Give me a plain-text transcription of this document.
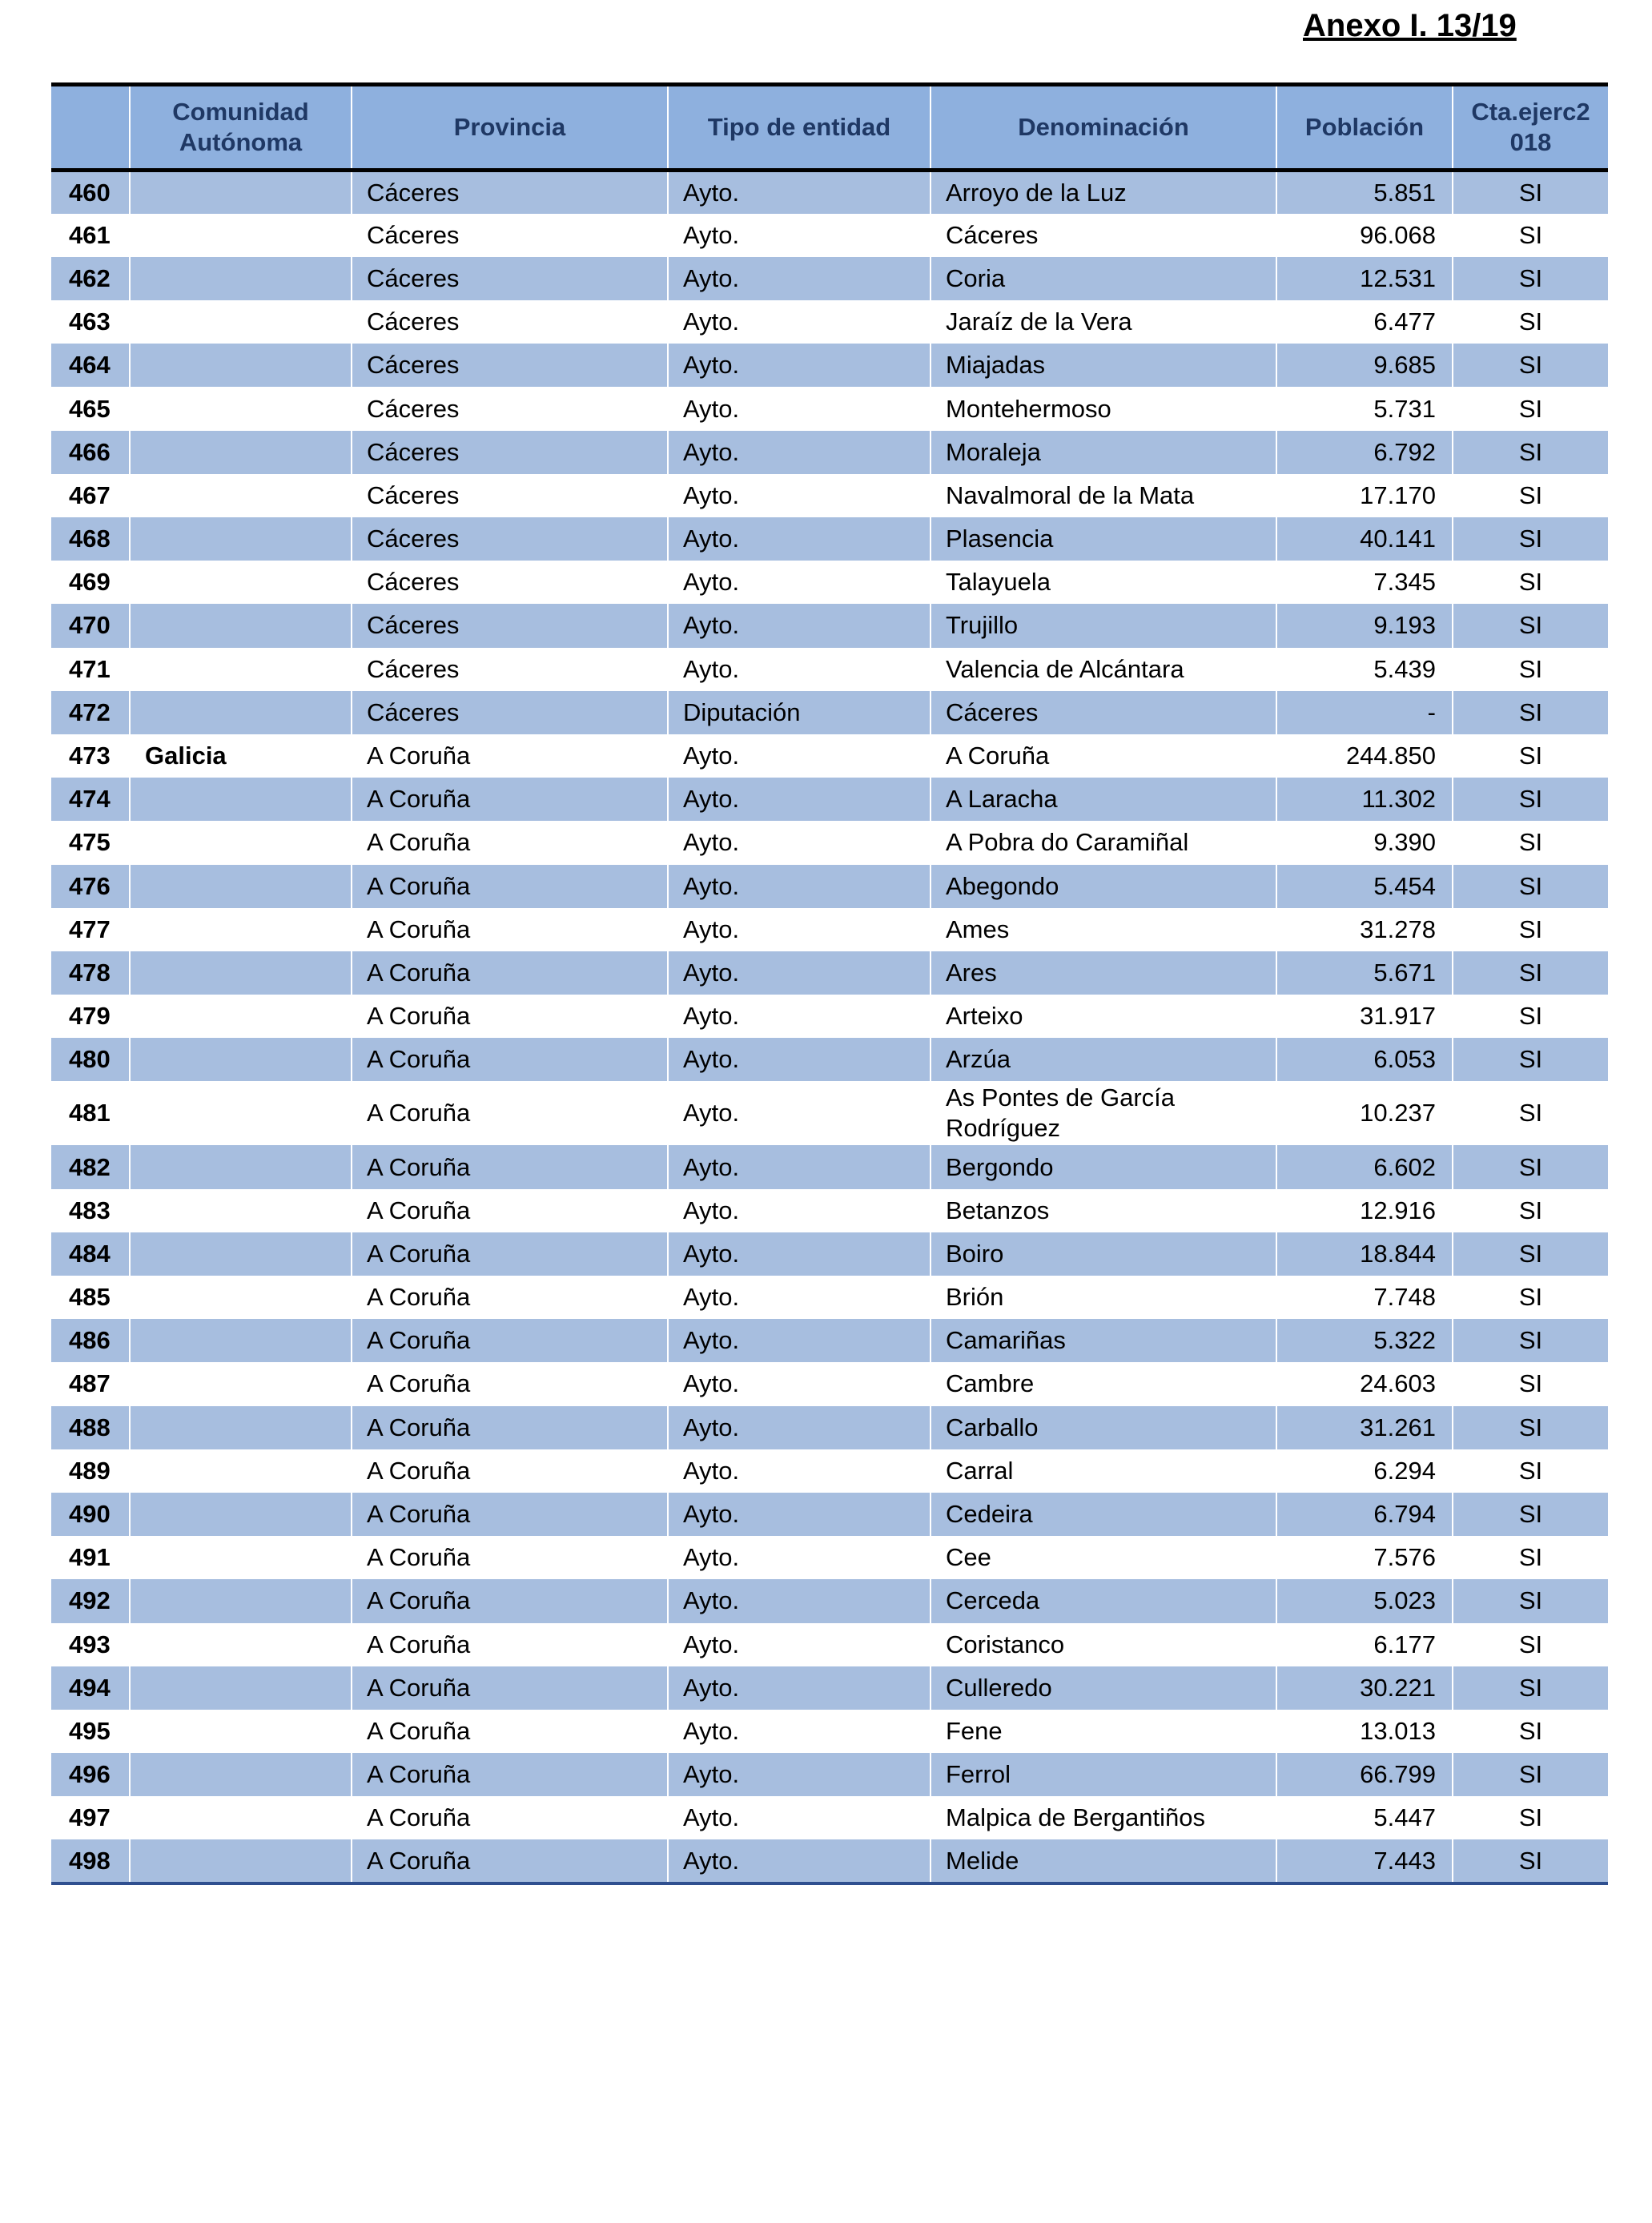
Anexo I. 13/19
	Comunidad Autónoma	Provincia	Tipo de entidad	Denominación	Población	Cta.ejerc2 018
460		Cáceres	Ayto.	Arroyo de la Luz	5.851	SI
461		Cáceres	Ayto.	Cáceres	96.068	SI
462		Cáceres	Ayto.	Coria	12.531	SI
463		Cáceres	Ayto.	Jaraíz de la Vera	6.477	SI
464		Cáceres	Ayto.	Miajadas	9.685	SI
465		Cáceres	Ayto.	Montehermoso	5.731	SI
466		Cáceres	Ayto.	Moraleja	6.792	SI
467		Cáceres	Ayto.	Navalmoral de la Mata	17.170	SI
468		Cáceres	Ayto.	Plasencia	40.141	SI
469		Cáceres	Ayto.	Talayuela	7.345	SI
470		Cáceres	Ayto.	Trujillo	9.193	SI
471		Cáceres	Ayto.	Valencia de Alcántara	5.439	SI
472		Cáceres	Diputación	Cáceres	-	SI
473	Galicia	A Coruña	Ayto.	A Coruña	244.850	SI
474		A Coruña	Ayto.	A Laracha	11.302	SI
475		A Coruña	Ayto.	A Pobra do Caramiñal	9.390	SI
476		A Coruña	Ayto.	Abegondo	5.454	SI
477		A Coruña	Ayto.	Ames	31.278	SI
478		A Coruña	Ayto.	Ares	5.671	SI
479		A Coruña	Ayto.	Arteixo	31.917	SI
480		A Coruña	Ayto.	Arzúa	6.053	SI
481		A Coruña	Ayto.	As Pontes de García Rodríguez	10.237	SI
482		A Coruña	Ayto.	Bergondo	6.602	SI
483		A Coruña	Ayto.	Betanzos	12.916	SI
484		A Coruña	Ayto.	Boiro	18.844	SI
485		A Coruña	Ayto.	Brión	7.748	SI
486		A Coruña	Ayto.	Camariñas	5.322	SI
487		A Coruña	Ayto.	Cambre	24.603	SI
488		A Coruña	Ayto.	Carballo	31.261	SI
489		A Coruña	Ayto.	Carral	6.294	SI
490		A Coruña	Ayto.	Cedeira	6.794	SI
491		A Coruña	Ayto.	Cee	7.576	SI
492		A Coruña	Ayto.	Cerceda	5.023	SI
493		A Coruña	Ayto.	Coristanco	6.177	SI
494		A Coruña	Ayto.	Culleredo	30.221	SI
495		A Coruña	Ayto.	Fene	13.013	SI
496		A Coruña	Ayto.	Ferrol	66.799	SI
497		A Coruña	Ayto.	Malpica de Bergantiños	5.447	SI
498		A Coruña	Ayto.	Melide	7.443	SI
